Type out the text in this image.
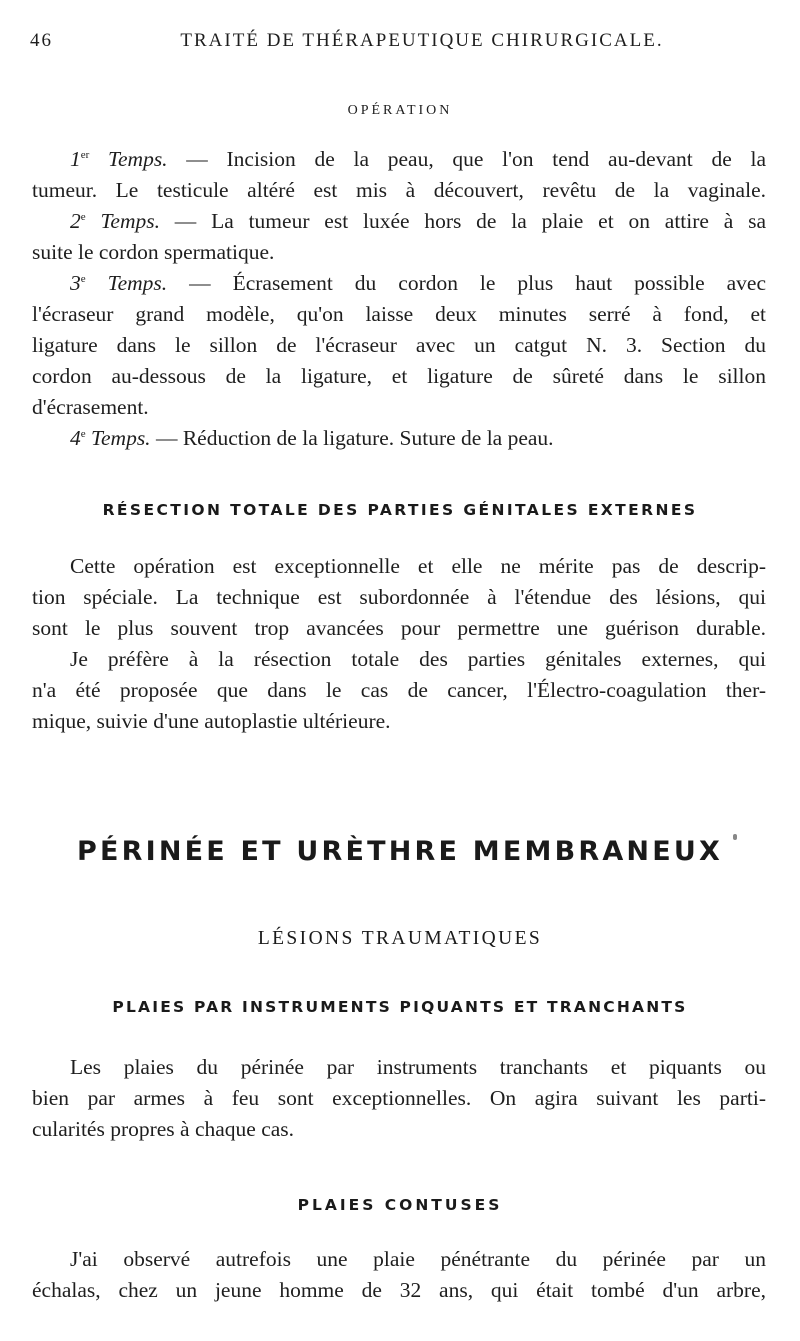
46	TRAITÉ DE THÉRAPEUTIQUE CHIRURGICALE.
OPÉRATION
1er Temps. — Incision de la peau, que l'on tend au-devant de la
tumeur. Le testicule altéré est mis à découvert, revêtu de la vaginale.
2e Temps. — La tumeur est luxée hors de la plaie et on attire à sa
suite le cordon spermatique.
3e Temps. — Écrasement du cordon le plus haut possible avec
l'écraseur grand modèle, qu'on laisse deux minutes serré à fond, et
ligature dans le sillon de l'écraseur avec un catgut N. 3. Section du
cordon au-dessous de la ligature, et ligature de sûreté dans le sillon
d'écrasement.
4e Temps. — Réduction de la ligature. Suture de la peau.
RÉSECTION TOTALE DES PARTIES GÉNITALES EXTERNES
Cette opération est exceptionnelle et elle ne mérite pas de descrip-
tion spéciale. La technique est subordonnée à l'étendue des lésions, qui
sont le plus souvent trop avancées pour permettre une guérison durable.
Je préfère à la résection totale des parties génitales externes, qui
n'a été proposée que dans le cas de cancer, l'Électro-coagulation ther-
mique, suivie d'une autoplastie ultérieure.
PÉRINÉE ET URÈTHRE MEMBRANEUX
LÉSIONS TRAUMATIQUES
PLAIES PAR INSTRUMENTS PIQUANTS ET TRANCHANTS
Les plaies du périnée par instruments tranchants et piquants ou
bien par armes à feu sont exceptionnelles. On agira suivant les parti-
cularités propres à chaque cas.
PLAIES CONTUSES
J'ai observé autrefois une plaie pénétrante du périnée par un
échalas, chez un jeune homme de 32 ans, qui était tombé d'un arbre,
